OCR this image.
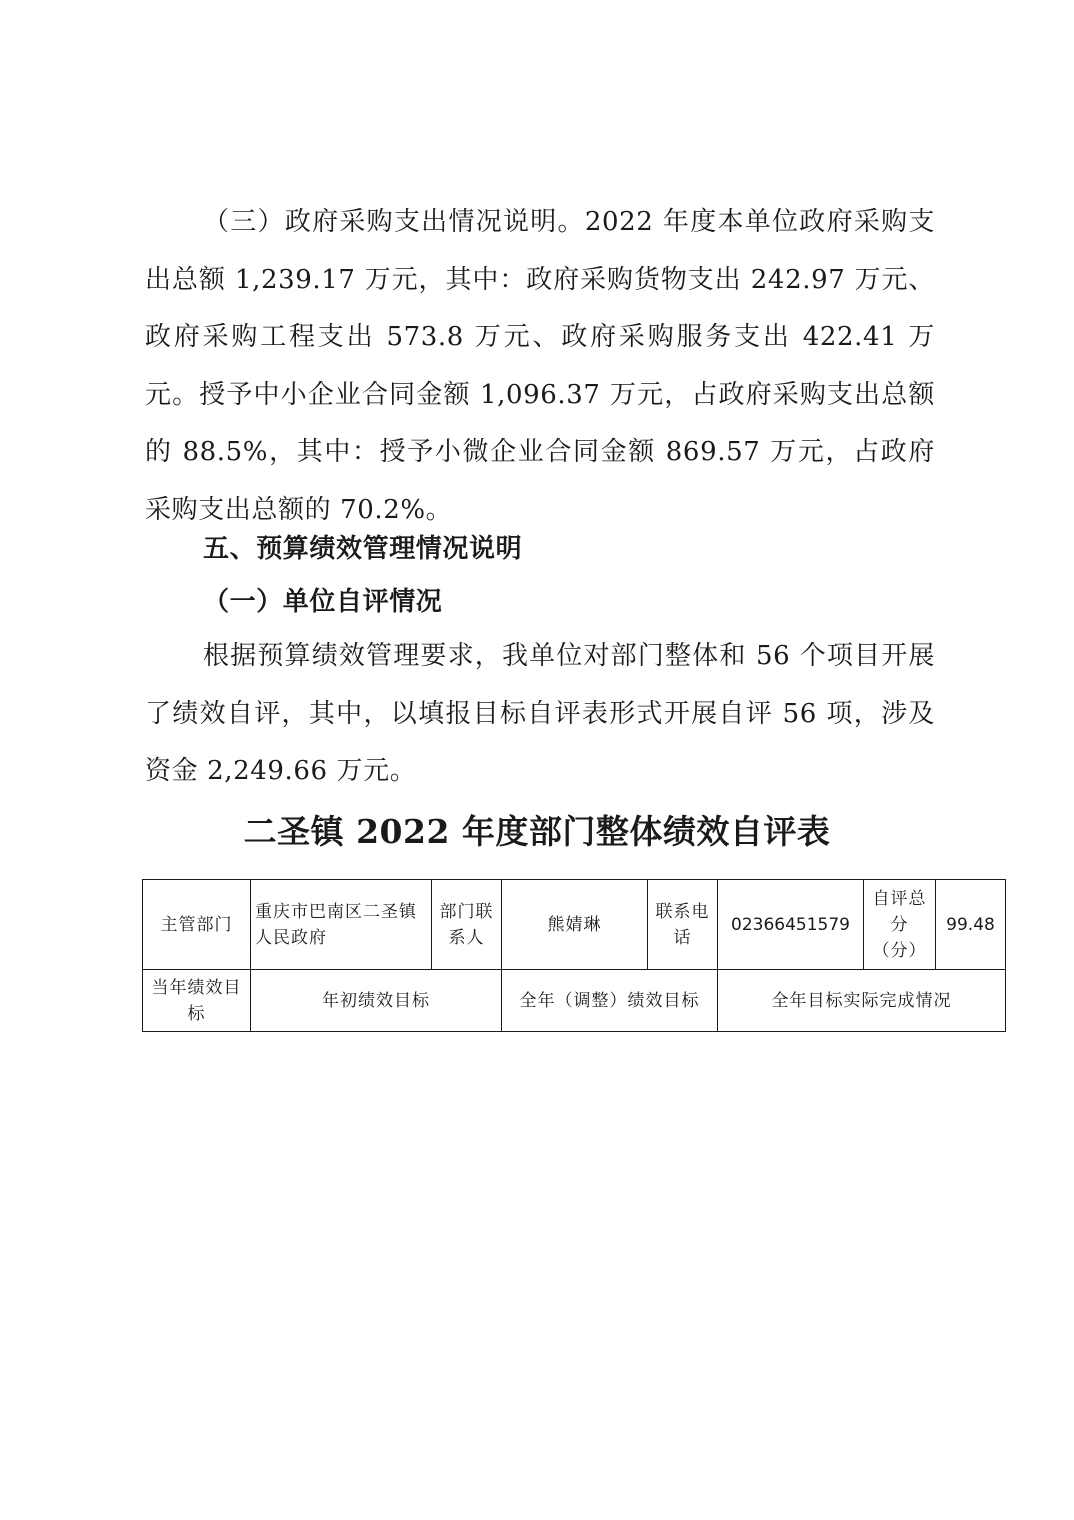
（三）政府采购支出情况说明。2022 年度本单位政府采购支出总额 1,239.17 万元，其中：政府采购货物支出 242.97 万元、政府采购工程支出 573.8 万元、政府采购服务支出 422.41 万元。授予中小企业合同金额 1,096.37 万元，占政府采购支出总额的 88.5%，其中：授予小微企业合同金额 869.57 万元，占政府采购支出总额的 70.2%。

五、预算绩效管理情况说明
（一）单位自评情况

根据预算绩效管理要求，我单位对部门整体和 56 个项目开展了绩效自评，其中，以填报目标自评表形式开展自评 56 项，涉及资金 2,249.66 万元。

二圣镇 2022 年度部门整体绩效自评表
主管部门	重庆市巴南区二圣镇人民政府	部门联系人	熊婧琳	联系电话	02366451579	自评总分（分）	99.48
当年绩效目标	年初绩效目标		全年（调整）绩效目标		全年目标实际完成情况		
